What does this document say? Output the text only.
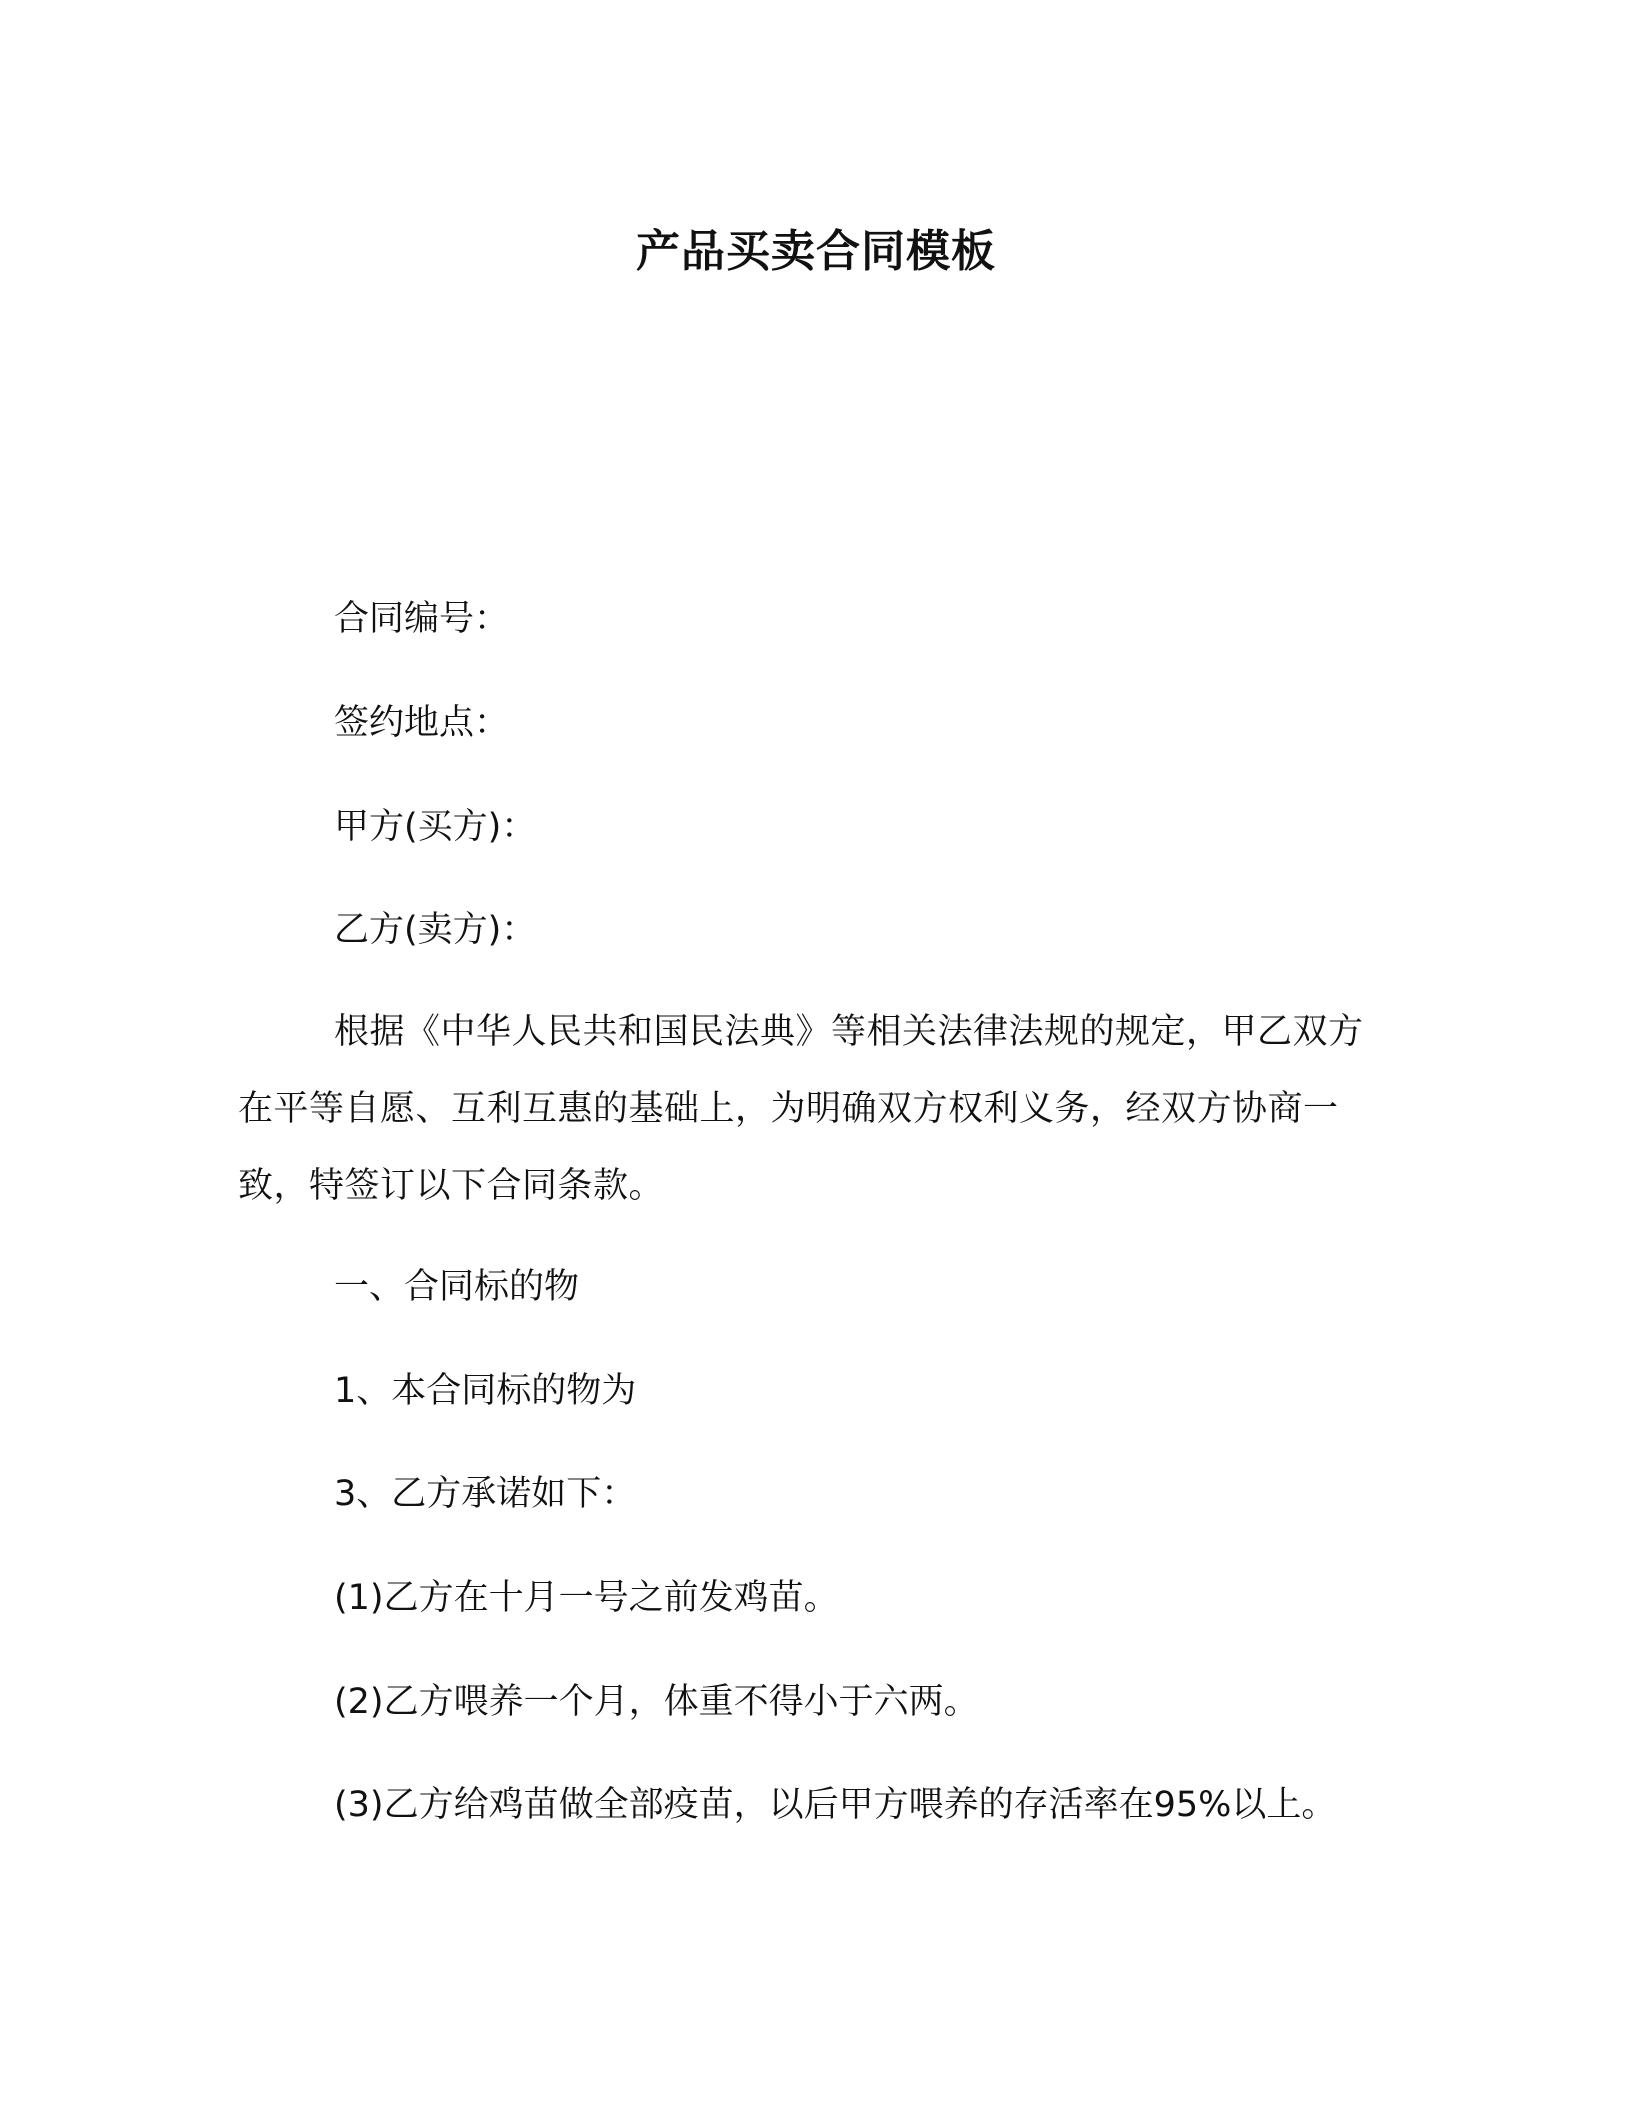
产品买卖合同模板
合同编号：
签约地点：
甲方(买方)：
乙方(卖方)：
根据《中华人民共和国民法典》等相关法律法规的规定，甲乙双方在平等自愿、互利互惠的基础上，为明确双方权利义务，经双方协商一致，特签订以下合同条款。
一、合同标的物
1、本合同标的物为
3、乙方承诺如下：
(1)乙方在十月一号之前发鸡苗。
(2)乙方喂养一个月，体重不得小于六两。
(3)乙方给鸡苗做全部疫苗，以后甲方喂养的存活率在95%以上。
